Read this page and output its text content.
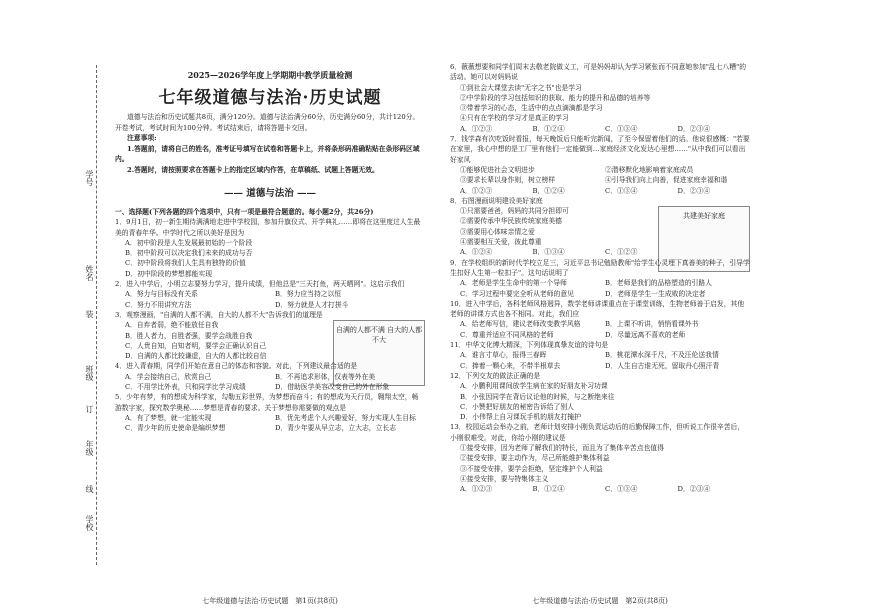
学号
姓名
装
班级
订
年级
线
学校

2025—2026学年度上学期期中教学质量检测

七年级道德与法治·历史试题

道德与法治和历史试题共8页，满分120分。道德与法治满分60分，历史满分60分，共计120分。开卷考试，考试时间为100分钟。考试结束后，请将答题卡交回。

注意事项:

1.答题前，请将自己的姓名，准考证号填写在试卷和答题卡上，并将条形码准确粘贴在条形码区域内。

2.答题时，请按照要求在答题卡上的指定区域内作答，在草稿纸、试题上答题无效。

—— 道德与法治 ——

一、选择题(下列各题的四个选项中，只有一项是最符合题意的。每小题2分，共26分)

1．9月1日，初一新生期待满满地走进中学校园，参加升旗仪式、开学典礼……即将在这里度过人生最美的青春年华。中学时代之所以美好是因为

A．初中阶段是人生发展最初始的一个阶段
B．初中阶段可以决定我们未来的成功与否
C．初中阶段将我们人生具有独特的价值
D．初中阶段的梦想都能实现

2．进入中学后，小明立志要努力学习，提升成绩，但他总是"三天打鱼，两天晒网"。这启示我们

A．努力与目标没有关系	B．努力应当持之以恒
C．努力不用讲究方法	D．努力就是人才打拼斗

3．观察漫画，"自满的人都不满，自大的人都不大"告诉我们的道理是

自满的人都不满 自大的人都不大
A．自弃者弱，绝不能放任自我
B．胜人者力，自胜者强，要学会战胜自我
C．人贵自知，自知者明，要学会正确认识自己
D．自满的人都比较谦虚，自大的人都比较自信

4．进入青春期，同学们开始在意自己的体态和容貌。对此，下列建议最合适的是

A．学会接纳自己，欣赏自己	B．不再追求形体，仅表等外在美
C．不用学比外表，只和同学比学习成绩	D．借助医学美容改变自己的外在形象

5．少年有梦，有的想成为科学家，勾勒五彩世界，为梦想而奋斗；有的想成为天行员，翱翔太空，畅游数字家，探究数学奥秘……梦想是青春的要求。关于梦想你需要做的观点是

A．有了梦想，就一定能实现	B．优先考虑个人兴趣爱好，努力实现人生目标
C．青少年的历史使命是编织梦想	D．青少年要从早立志，立大志，立长志
七年级道德与法治·历史试题　第1页(共8页)

6．薇薇想要和同学们周末去敬老院做义工，可是妈妈却认为学习紧张而不同意她参加"乱七八糟"的活动。她可以对妈妈说

①到社会大课堂去读"无字之书"也是学习
②中学阶段的学习包括知识的获取、能力的提升和品德的培养等
③带着学习的心态，生活中的点点滴滴都是学习
④只有在学校的学习才是真正的学习
A．①②③	B．①②④	C．①③④	D．②③④

7．钱学森有次吃饭时看报，每天晚饭后只能听完新闻，了至今保留着他们的话。他说很感慨："若要在家里，我心中想的是工厂里有他们一定能做到…家庭经济文化发达心里想……"从中我们可以看出好家风

①能够促进社会文明进步	②潜移默化地影响着家庭成员
③要求长辈以身作则，树立榜样	④引导我们向上向善，促进家庭幸福和谐
A．①②③	B．①②④	C．①③④	D．②③④

8．右图漫画说明建设美好家庭

共建美好家庭
①只需要爸爸，妈妈的共同分担即可
②需要传承中华民族传统家庭美德
③需要用心体味亲情之爱
④需要相互关爱，彼此尊重
A．①②④	B．①③④	C．①②③

9．在学校组织的新时代学校立足三，习近平总书记勉励教师"给学生心灵埋下真善美的种子，引导学生扣好人生第一粒扣子"。这句话说明了

A．老师是学生生命中的第一个导师	B．老师是我们的品格塑造的引路人
C．学习过程中要完全听从老师的意见	D．老师是学生一生成败的决定者

10．进入中学后，各科老师风格迥异，数学老师讲课重点在于课堂训练，生物老师善于启发，其他老师的讲课方式也各不相同。对此，我们应

A．给老师写信，建议老师改变教学风格	B．上课不听讲，悄悄看课外书
C．尊重并适应不同风格的老师	D．尽量远离不喜欢的老师

11．中华文化博大精深，下列体现真挚友谊的诗句是

A．谁言寸草心，报得三春晖	B．桃花潭水深千尺，不及汪伦送我情
C．捧着一颗心来，不带半根草去	D．人生自古谁无死，留取丹心照汗青

12．下列交友的做法正确的是

A．小鹏利用课间放学生病在家的好朋友补习功课
B．小张因同学在背后议论他的时候，与之断绝来往
C．小赞把好朋友的秘密告诉给了别人
D．小伟帮上自习课玩手机的朋友打掩护

13．校园运动会举办之前，老师计划安排小刚负责运动后的后勤保障工作，但听说工作很辛苦后，小刚很难受。对此，你给小刚的建议是

①接受安排，因为老师了解我们的特长，而且为了集体辛苦点也值得
②接受安排，要主动作为，尽己所能维护集体利益
③不接受安排，要学会拒绝，坚定维护个人利益
④接受安排，要与特集体主义
A．①②③	B．①②④	C．①③④	D．②③④
七年级道德与法治·历史试题　第2页(共8页)
